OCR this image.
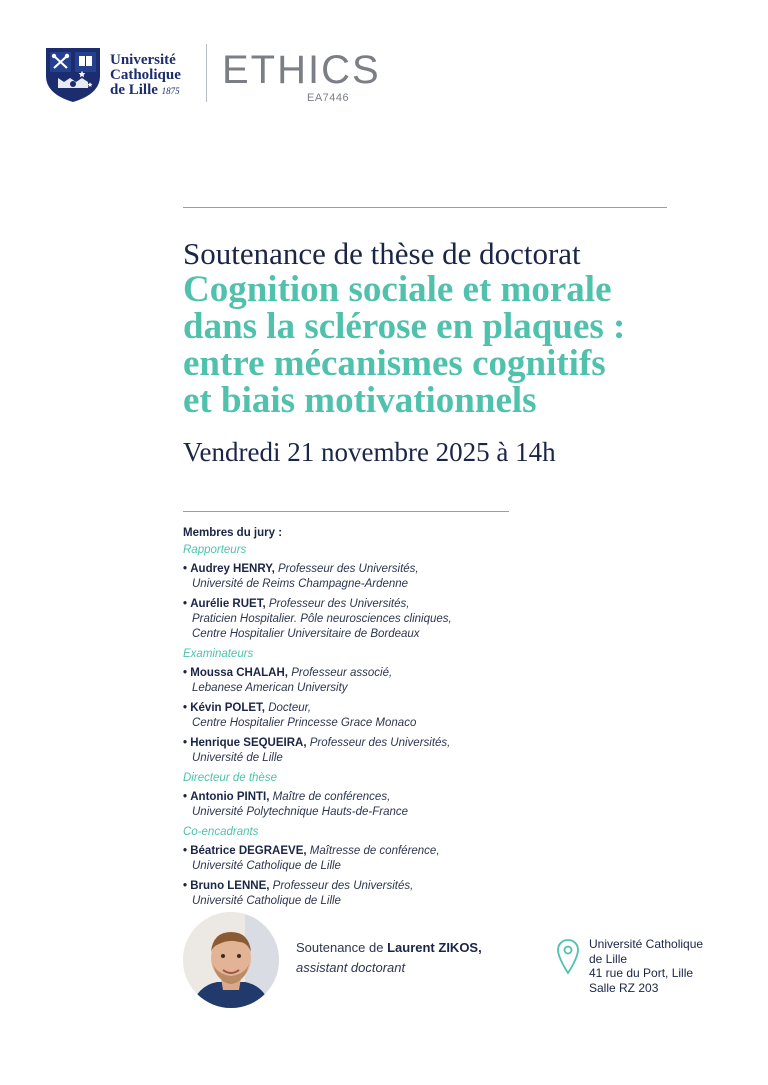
Université
Catholique
de Lille 1875 ETHICS
EA7446
Soutenance de thèse de doctorat
Cognition sociale et morale
dans la sclérose en plaques :
entre mécanismes cognitifs
et biais motivationnels
Vendredi 21 novembre 2025 à 14h
Membres du jury :
Rapporteurs
• Audrey HENRY, Professeur des Universités,
Université de Reims Champagne-Ardenne
• Aurélie RUET, Professeur des Universités,
Praticien Hospitalier. Pôle neurosciences cliniques,
Centre Hospitalier Universitaire de Bordeaux
Examinateurs
• Moussa CHALAH, Professeur associé,
Lebanese American University
• Kévin POLET, Docteur,
Centre Hospitalier Princesse Grace Monaco
• Henrique SEQUEIRA, Professeur des Universités,
Université de Lille
Directeur de thèse
• Antonio PINTI, Maître de conférences,
Université Polytechnique Hauts-de-France
Co-encadrants
• Béatrice DEGRAEVE, Maîtresse de conférence,
Université Catholique de Lille
• Bruno LENNE, Professeur des Universités,
Université Catholique de Lille
Soutenance de Laurent ZIKOS,
assistant doctorant
Université Catholique
de Lille
41 rue du Port, Lille
Salle RZ 203
